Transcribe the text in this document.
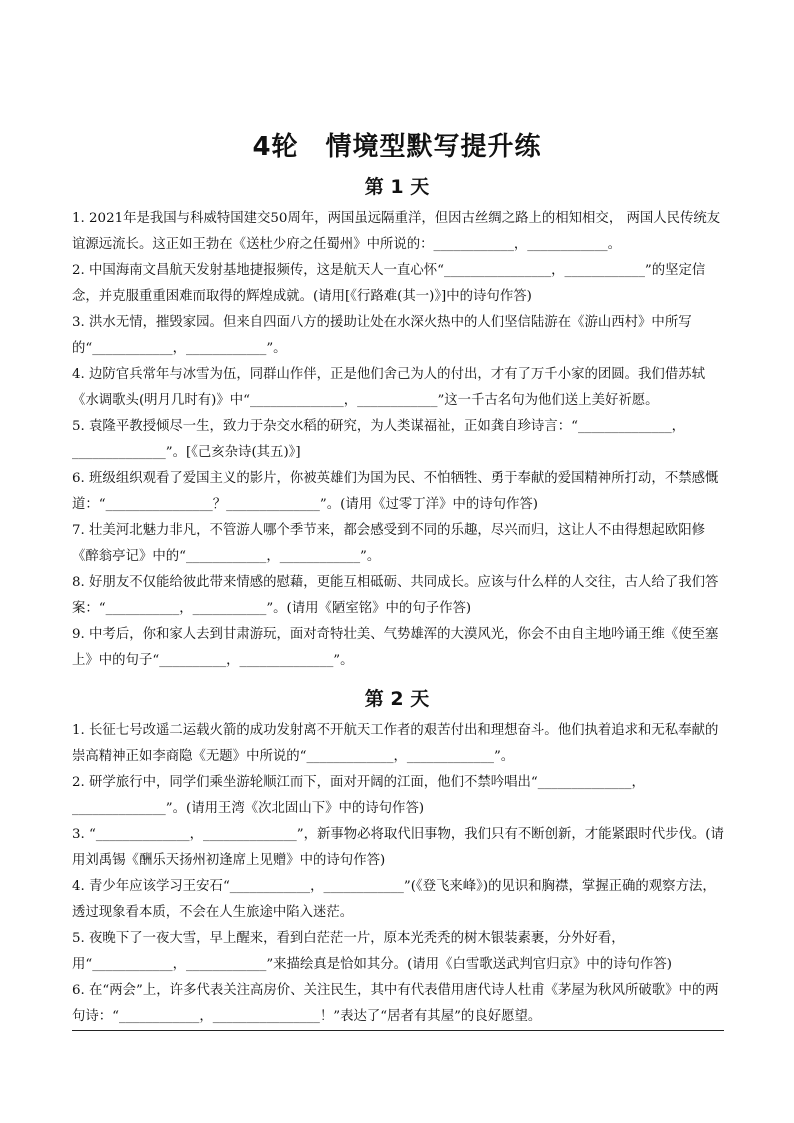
4轮　情境型默写提升练
第 1 天
1. 2021年是我国与科威特国建交50周年，两国虽远隔重洋，但因古丝绸之路上的相知相交， 两国人民传统友谊源远流长。这正如王勃在《送杜少府之任蜀州》中所说的：____________，____________。
2. 中国海南文昌航天发射基地捷报频传，这是航天人一直心怀“________________，____________”的坚定信念，并克服重重困难而取得的辉煌成就。(请用[《行路难(其一)》]中的诗句作答)
3. 洪水无情，摧毁家园。但来自四面八方的援助让处在水深火热中的人们坚信陆游在《游山西村》中所写的“____________，____________”。
4. 边防官兵常年与冰雪为伍，同群山作伴，正是他们舍己为人的付出，才有了万千小家的团圆。我们借苏轼《水调歌头(明月几时有)》中“______________，____________”这一千古名句为他们送上美好祈愿。
5. 袁隆平教授倾尽一生，致力于杂交水稻的研究，为人类谋福祉，正如龚自珍诗言：“______________，______________”。[《己亥杂诗(其五)》]
6. 班级组织观看了爱国主义的影片，你被英雄们为国为民、不怕牺牲、勇于奉献的爱国精神所打动，不禁感慨道：“________________？______________”。(请用《过零丁洋》中的诗句作答)
7. 壮美河北魅力非凡，不管游人哪个季节来，都会感受到不同的乐趣，尽兴而归，这让人不由得想起欧阳修《醉翁亭记》中的“____________，____________”。
8. 好朋友不仅能给彼此带来情感的慰藉，更能互相砥砺、共同成长。应该与什么样的人交往，古人给了我们答案：“___________，___________”。(请用《陋室铭》中的句子作答)
9. 中考后，你和家人去到甘肃游玩，面对奇特壮美、气势雄浑的大漠风光，你会不由自主地吟诵王维《使至塞上》中的句子“__________，______________”。
第 2 天
1. 长征七号改遥二运载火箭的成功发射离不开航天工作者的艰苦付出和理想奋斗。他们执着追求和无私奉献的崇高精神正如李商隐《无题》中所说的“_____________，_____________”。
2. 研学旅行中，同学们乘坐游轮顺江而下，面对开阔的江面，他们不禁吟唱出“______________，______________”。(请用王湾《次北固山下》中的诗句作答)
3. “______________，______________”，新事物必将取代旧事物，我们只有不断创新，才能紧跟时代步伐。(请用刘禹锡《酬乐天扬州初逢席上见赠》中的诗句作答)
4. 青少年应该学习王安石“____________，____________”(《登飞来峰》)的见识和胸襟，掌握正确的观察方法，透过现象看本质，不会在人生旅途中陷入迷茫。
5. 夜晚下了一夜大雪，早上醒来，看到白茫茫一片，原本光秃秃的树木银装素裹，分外好看，用“____________，____________”来描绘真是恰如其分。(请用《白雪歌送武判官归京》中的诗句作答)
6. 在“两会”上，许多代表关注高房价、关注民生，其中有代表借用唐代诗人杜甫《茅屋为秋风所破歌》中的两句诗：“____________，________________！”表达了“居者有其屋”的良好愿望。
